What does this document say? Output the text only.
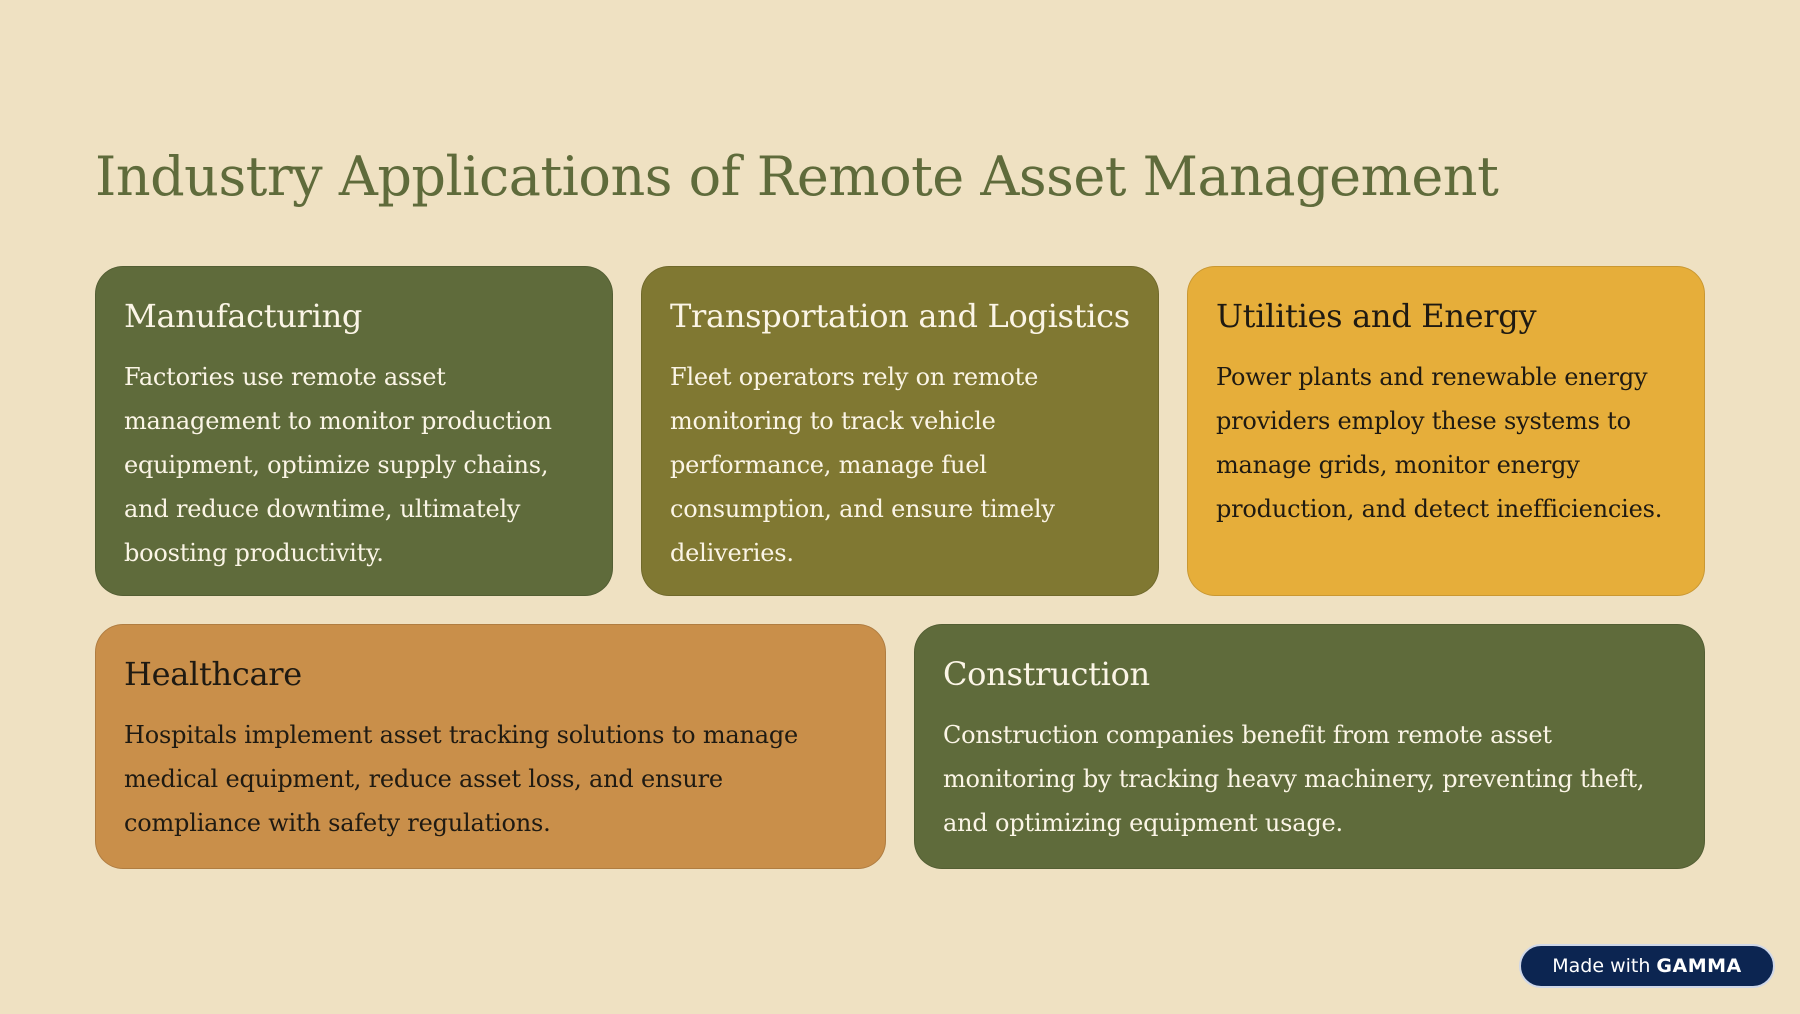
Industry Applications of Remote Asset Management
Manufacturing
Factories use remote asset management to monitor production equipment, optimize supply chains, and reduce downtime, ultimately boosting productivity.
Transportation and Logistics
Fleet operators rely on remote monitoring to track vehicle performance, manage fuel consumption, and ensure timely deliveries.
Utilities and Energy
Power plants and renewable energy providers employ these systems to manage grids, monitor energy production, and detect inefficiencies.
Healthcare
Hospitals implement asset tracking solutions to manage medical equipment, reduce asset loss, and ensure compliance with safety regulations.
Construction
Construction companies benefit from remote asset monitoring by tracking heavy machinery, preventing theft, and optimizing equipment usage.
Made with GAMMA
